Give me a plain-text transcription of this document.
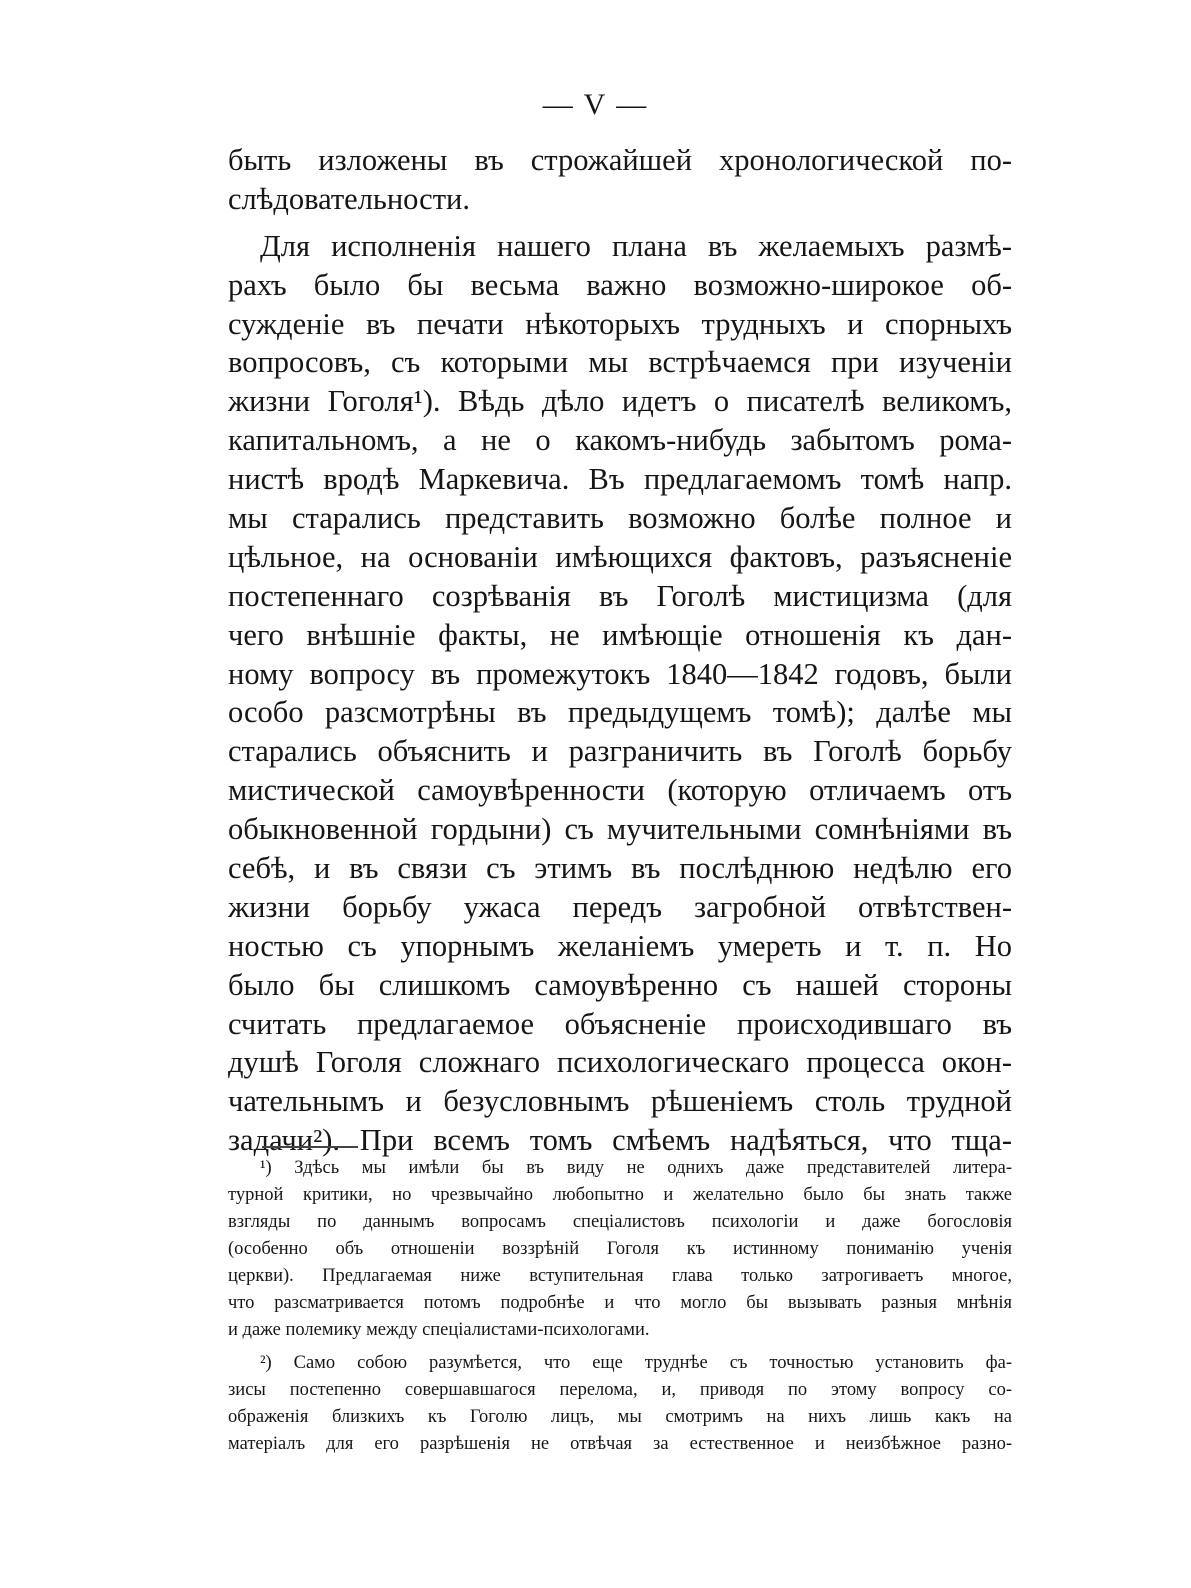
— V —
быть изложены въ строжайшей хронологической по-
слѣдовательности.
Для исполненія нашего плана въ желаемыхъ размѣ-
рахъ было бы весьма важно возможно-широкое об-
сужденіе въ печати нѣкоторыхъ трудныхъ и спорныхъ
вопросовъ, съ которыми мы встрѣчаемся при изученіи
жизни Гоголя¹). Вѣдь дѣло идетъ о писателѣ великомъ,
капитальномъ, а не о какомъ-нибудь забытомъ рома-
нистѣ вродѣ Маркевича. Въ предлагаемомъ томѣ напр.
мы старались представить возможно болѣе полное и
цѣльное, на основаніи имѣющихся фактовъ, разъясненіе
постепеннаго созрѣванія въ Гоголѣ мистицизма (для
чего внѣшніе факты, не имѣющіе отношенія къ дан-
ному вопросу въ промежутокъ 1840—1842 годовъ, были
особо разсмотрѣны въ предыдущемъ томѣ); далѣе мы
старались объяснить и разграничить въ Гоголѣ борьбу
мистической самоувѣренности (которую отличаемъ отъ
обыкновенной гордыни) съ мучительными сомнѣніями въ
себѣ, и въ связи съ этимъ въ послѣднюю недѣлю его
жизни борьбу ужаса передъ загробной отвѣтствен-
ностью съ упорнымъ желаніемъ умереть и т. п. Но
было бы слишкомъ самоувѣренно съ нашей стороны
считать предлагаемое объясненіе происходившаго въ
душѣ Гоголя сложнаго психологическаго процесса окон-
чательнымъ и безусловнымъ рѣшеніемъ столь трудной
задачи²). При всемъ томъ смѣемъ надѣяться, что тща-
¹) Здѣсь мы имѣли бы въ виду не однихъ даже представителей литера-
турной критики, но чрезвычайно любопытно и желательно было бы знать также
взгляды по даннымъ вопросамъ спеціалистовъ психологіи и даже богословія
(особенно объ отношеніи воззрѣній Гоголя къ истинному пониманію ученія
церкви). Предлагаемая ниже вступительная глава только затрогиваетъ многое,
что разсматривается потомъ подробнѣе и что могло бы вызывать разныя мнѣнія
и даже полемику между спеціалистами-психологами.
²) Само собою разумѣется, что еще труднѣе съ точностью установить фа-
зисы постепенно совершавшагося перелома, и, приводя по этому вопросу со-
ображенія близкихъ къ Гоголю лицъ, мы смотримъ на нихъ лишь какъ на
матеріалъ для его разрѣшенія не отвѣчая за естественное и неизбѣжное разно-
